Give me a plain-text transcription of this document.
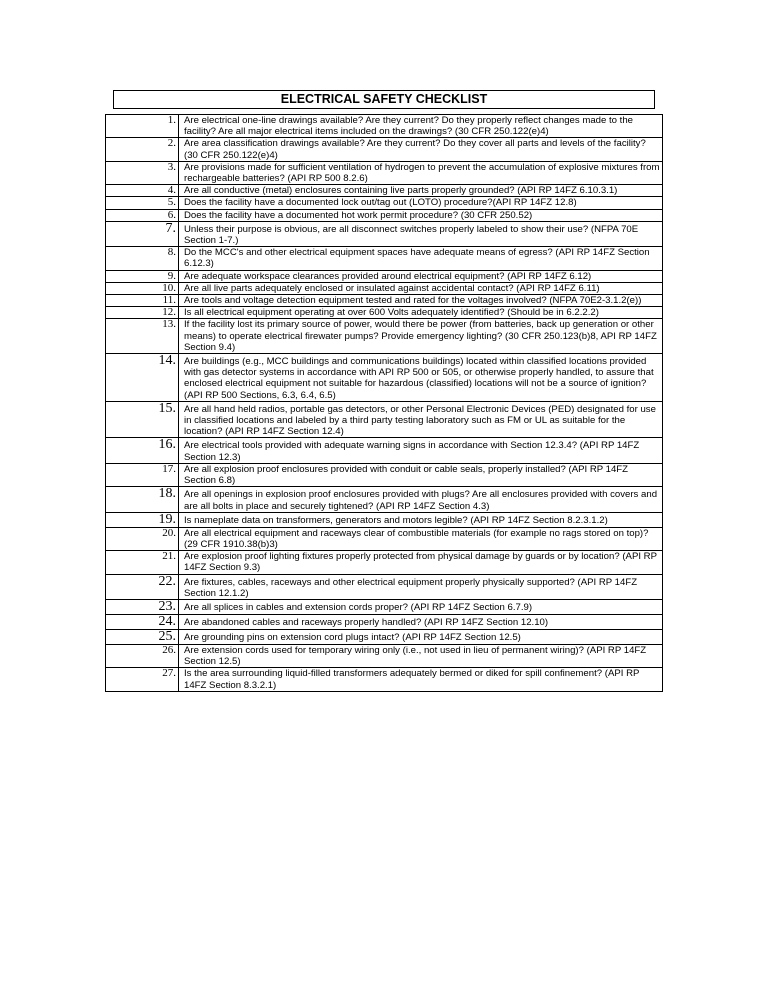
ELECTRICAL SAFETY CHECKLIST
1.	Are electrical one-line drawings available? Are they current? Do they properly reflect changes made to the facility? Are all major electrical items included on the drawings? (30 CFR 250.122(e)4)
2.	Are area classification drawings available? Are they current? Do they cover all parts and levels of the facility? (30 CFR 250.122(e)4)
3.	Are provisions made for sufficient ventilation of hydrogen to prevent the accumulation of explosive mixtures from rechargeable batteries? (API RP 500 8.2.6)
4.	Are all conductive (metal) enclosures containing live parts properly grounded? (API RP 14FZ 6.10.3.1)
5.	Does the facility have a documented lock out/tag out (LOTO) procedure?(API RP 14FZ 12.8)
6.	Does the facility have a documented hot work permit procedure? (30 CFR 250.52)
7.	Unless their purpose is obvious, are all disconnect switches properly labeled to show their use? (NFPA 70E Section 1-7.)
8.	Do the MCC's and other electrical equipment spaces have adequate means of egress? (API RP 14FZ Section 6.12.3)
9.	Are adequate workspace clearances provided around electrical equipment? (API RP 14FZ 6.12)
10.	Are all live parts adequately enclosed or insulated against accidental contact? (API RP 14FZ 6.11)
11.	Are tools and voltage detection equipment tested and rated for the voltages involved? (NFPA 70E2-3.1.2(e))
12.	Is all electrical equipment operating at over 600 Volts adequately identified? (Should be in 6.2.2.2)
13.	If the facility lost its primary source of power, would there be power (from batteries, back up generation or other means) to operate electrical firewater pumps? Provide emergency lighting? (30 CFR 250.123(b)8, API RP 14FZ Section 9.4)
14.	Are buildings (e.g., MCC buildings and communications buildings) located within classified locations provided with gas detector systems in accordance with API RP 500 or 505, or otherwise properly handled, to assure that enclosed electrical equipment not suitable for hazardous (classified) locations will not be a source of ignition? (API RP 500 Sections, 6.3, 6.4, 6.5)
15.	Are all hand held radios, portable gas detectors, or other Personal Electronic Devices (PED) designated for use in classified locations and labeled by a third party testing laboratory such as FM or UL as suitable for the location? (API RP 14FZ Section 12.4)
16.	Are electrical tools provided with adequate warning signs in accordance with Section 12.3.4? (API RP 14FZ Section 12.3)
17.	Are all explosion proof enclosures provided with conduit or cable seals, properly installed? (API RP 14FZ Section 6.8)
18.	Are all openings in explosion proof enclosures provided with plugs? Are all enclosures provided with covers and are all bolts in place and securely tightened? (API RP 14FZ Section 4.3)
19.	Is nameplate data on transformers, generators and motors legible? (API RP 14FZ Section 8.2.3.1.2)
20.	Are all electrical equipment and raceways clear of combustible materials (for example no rags stored on top)? (29 CFR 1910.38(b)3)
21.	Are explosion proof lighting fixtures properly protected from physical damage by guards or by location? (API RP 14FZ Section 9.3)
22.	Are fixtures, cables, raceways and other electrical equipment properly physically supported? (API RP 14FZ Section 12.1.2)
23.	Are all splices in cables and extension cords proper? (API RP 14FZ Section 6.7.9)
24.	Are abandoned cables and raceways properly handled? (API RP 14FZ Section 12.10)
25.	Are grounding pins on extension cord plugs intact? (API RP 14FZ Section 12.5)
26.	Are extension cords used for temporary wiring only (i.e., not used in lieu of permanent wiring)? (API RP 14FZ Section 12.5)
27.	Is the area surrounding liquid-filled transformers adequately bermed or diked for spill confinement? (API RP 14FZ Section 8.3.2.1)
